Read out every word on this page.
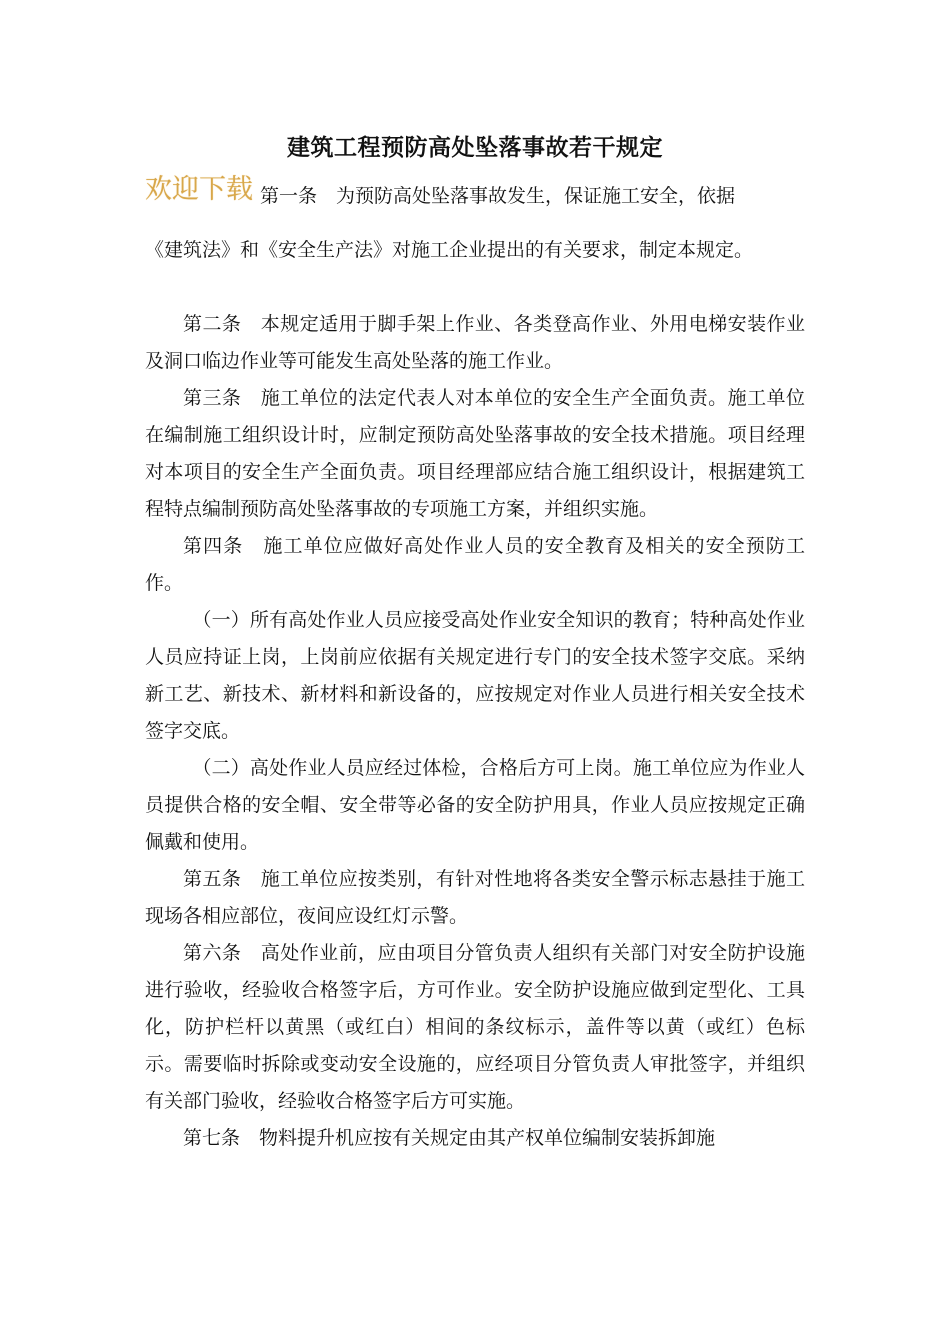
建筑工程预防高处坠落事故若干规定
欢迎下载 第一条　为预防高处坠落事故发生，保证施工安全，依据
《建筑法》和《安全生产法》对施工企业提出的有关要求，制定本规定。

第二条　本规定适用于脚手架上作业、各类登高作业、外用电梯安装作业及洞口临边作业等可能发生高处坠落的施工作业。

第三条　施工单位的法定代表人对本单位的安全生产全面负责。施工单位在编制施工组织设计时，应制定预防高处坠落事故的安全技术措施。项目经理对本项目的安全生产全面负责。项目经理部应结合施工组织设计，根据建筑工程特点编制预防高处坠落事故的专项施工方案，并组织实施。

第四条　施工单位应做好高处作业人员的安全教育及相关的安全预防工作。

（一）所有高处作业人员应接受高处作业安全知识的教育；特种高处作业人员应持证上岗，上岗前应依据有关规定进行专门的安全技术签字交底。采纳新工艺、新技术、新材料和新设备的，应按规定对作业人员进行相关安全技术签字交底。

（二）高处作业人员应经过体检，合格后方可上岗。施工单位应为作业人员提供合格的安全帽、安全带等必备的安全防护用具，作业人员应按规定正确佩戴和使用。

第五条　施工单位应按类别，有针对性地将各类安全警示标志悬挂于施工现场各相应部位，夜间应设红灯示警。

第六条　高处作业前，应由项目分管负责人组织有关部门对安全防护设施进行验收，经验收合格签字后，方可作业。安全防护设施应做到定型化、工具化，防护栏杆以黄黑（或红白）相间的条纹标示，盖件等以黄（或红）色标示。需要临时拆除或变动安全设施的，应经项目分管负责人审批签字，并组织有关部门验收，经验收合格签字后方可实施。

第七条　物料提升机应按有关规定由其产权单位编制安装拆卸施
